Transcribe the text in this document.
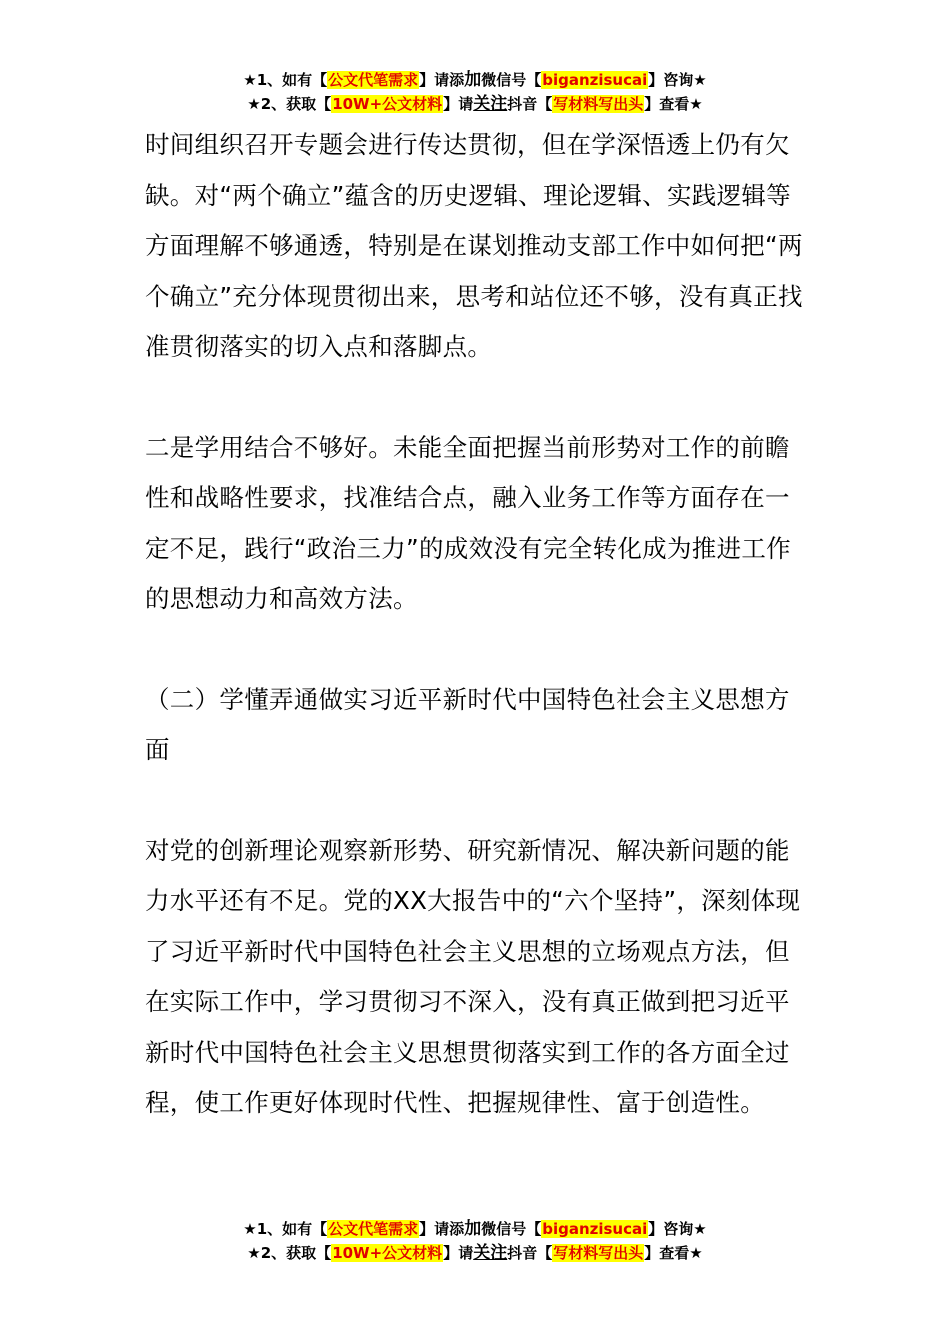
★1、如有【公文代笔需求】请添加微信号【biganzisucai】咨询★
★2、获取【10W+公文材料】请关注抖音【写材料写出头】查看★

时间组织召开专题会进行传达贯彻，但在学深悟透上仍有欠缺。对“两个确立”蕴含的历史逻辑、理论逻辑、实践逻辑等方面理解不够通透，特别是在谋划推动支部工作中如何把“两个确立”充分体现贯彻出来，思考和站位还不够，没有真正找准贯彻落实的切入点和落脚点。

二是学用结合不够好。未能全面把握当前形势对工作的前瞻性和战略性要求，找准结合点，融入业务工作等方面存在一定不足，践行“政治三力”的成效没有完全转化成为推进工作的思想动力和高效方法。

（二）学懂弄通做实习近平新时代中国特色社会主义思想方面

对党的创新理论观察新形势、研究新情况、解决新问题的能力水平还有不足。党的XX大报告中的“六个坚持”，深刻体现了习近平新时代中国特色社会主义思想的立场观点方法，但在实际工作中，学习贯彻习不深入，没有真正做到把习近平新时代中国特色社会主义思想贯彻落实到工作的各方面全过程，使工作更好体现时代性、把握规律性、富于创造性。

★1、如有【公文代笔需求】请添加微信号【biganzisucai】咨询★
★2、获取【10W+公文材料】请关注抖音【写材料写出头】查看★
